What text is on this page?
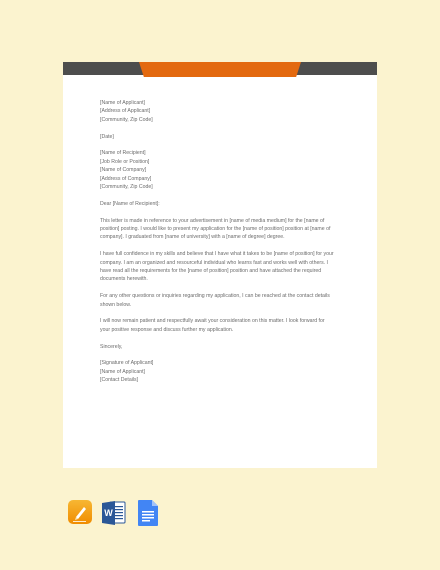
[Name of Applicant]
[Address of Applicant]
[Community, Zip Code]
[Date]
[Name of Recipient]
[Job Role or Position]
[Name of Company]
[Address of Company]
[Community, Zip Code]
Dear [Name of Recipient]:
This letter is made in reference to your advertisement in [name of media medium] for the [name of
position] posting. I would like to present my application for the [name of position] position at [name of
company]. I graduated from [name of university] with a [name of degree] degree.
I have full confidence in my skills and believe that I have what it takes to be [name of position] for your
company. I am an organized and resourceful individual who learns fast and works well with others. I
have read all the requirements for the [name of position] position and have attached the required
documents herewith.
For any other questions or inquiries regarding my application, I can be reached at the contact details
shown below.
I will now remain patient and respectfully await your consideration on this matter. I look forward for
your positive response and discuss further my application.
Sincerely,
[Signature of Applicant]
[Name of Applicant]
[Contact Details]
W
